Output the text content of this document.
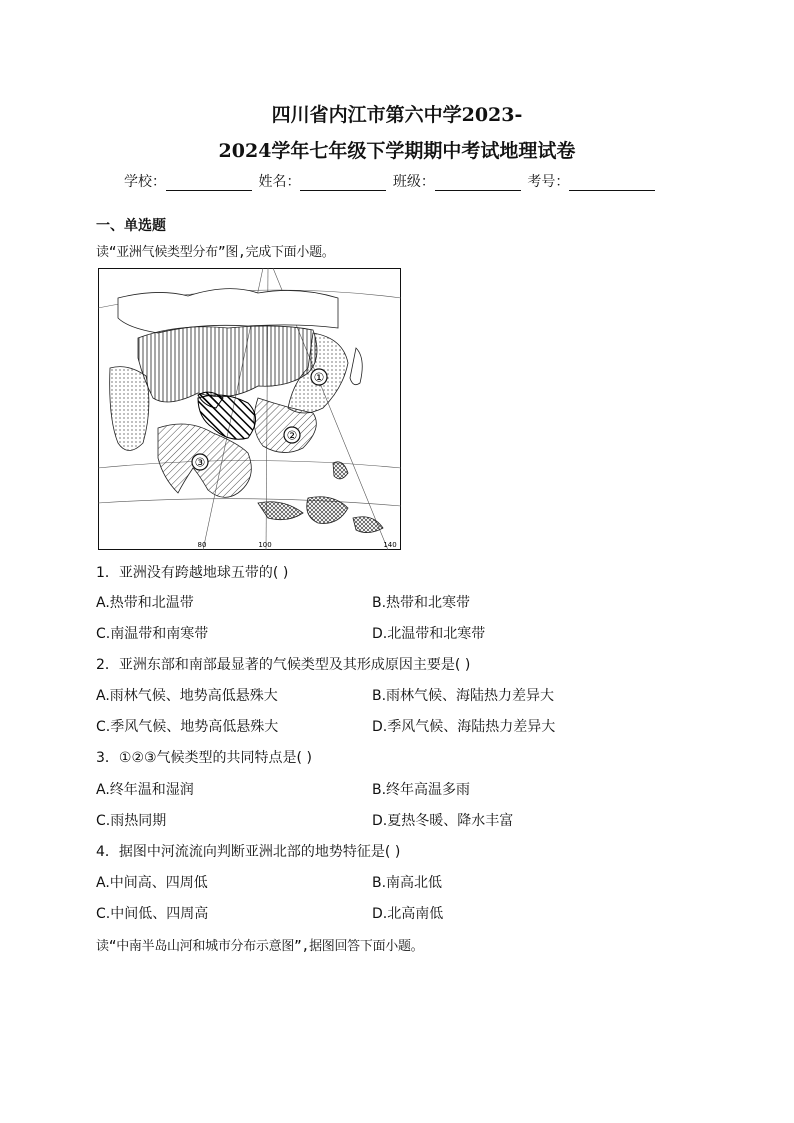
四川省内江市第六中学2023-
2024学年七年级下学期期中考试地理试卷
学校：	姓名：	班级：	考号：
一、单选题
读“亚洲气候类型分布”图,完成下面小题。
①
②
③
80	100	140
1．亚洲没有跨越地球五带的( )
A.热带和北温带	B.热带和北寒带
C.南温带和南寒带	D.北温带和北寒带
2．亚洲东部和南部最显著的气候类型及其形成原因主要是( )
A.雨林气候、地势高低悬殊大	B.雨林气候、海陆热力差异大
C.季风气候、地势高低悬殊大	D.季风气候、海陆热力差异大
3．①②③气候类型的共同特点是( )
A.终年温和湿润	B.终年高温多雨
C.雨热同期	D.夏热冬暖、降水丰富
4．据图中河流流向判断亚洲北部的地势特征是( )
A.中间高、四周低	B.南高北低
C.中间低、四周高	D.北高南低
读“中南半岛山河和城市分布示意图”,据图回答下面小题。
